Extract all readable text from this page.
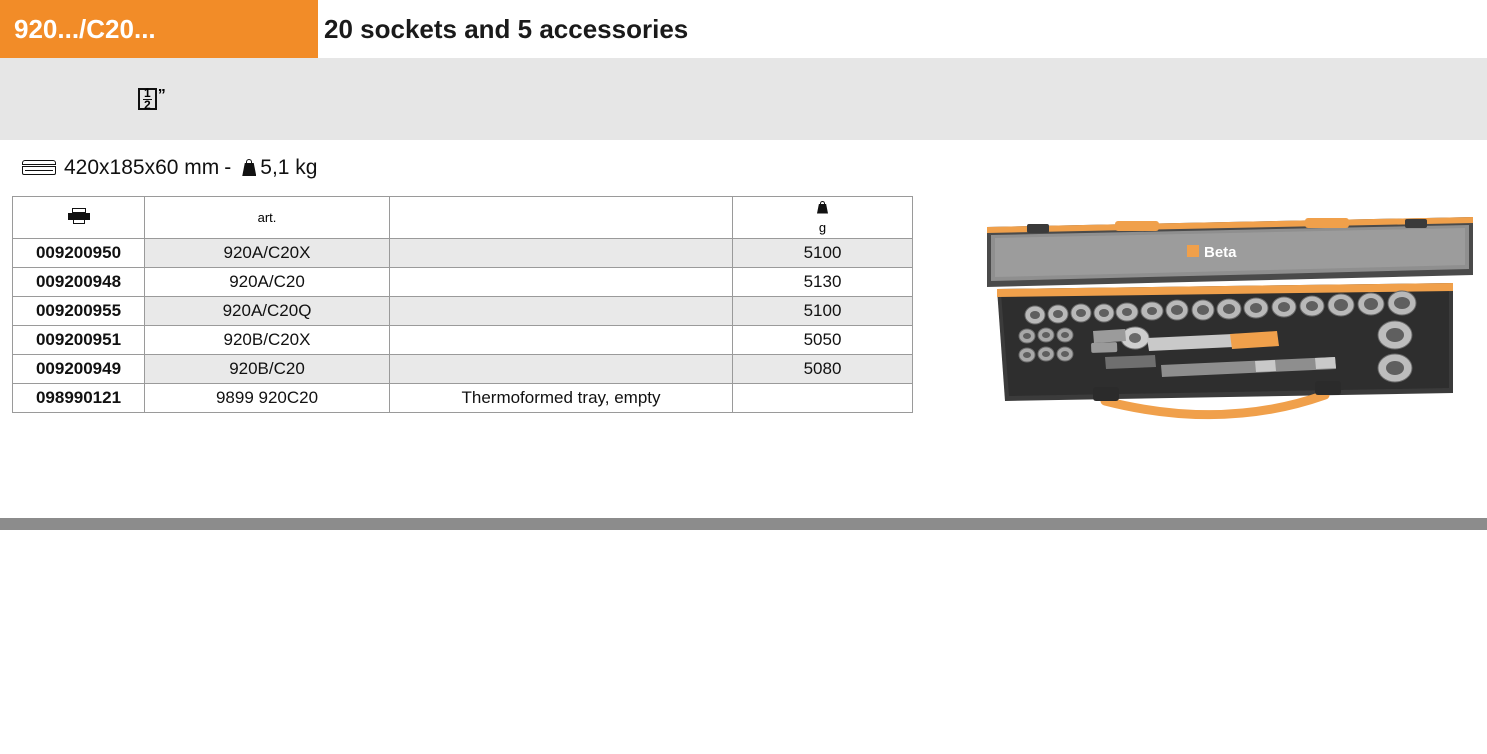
920.../C20...	20 sockets and 5 accessories
$\frac{1}{2}$ ”
420x185x60 mm - 5,1 kg
	art.		g

009200950	920A/C20X		5100
009200948	920A/C20		5130
009200955	920A/C20Q		5100
009200951	920B/C20X		5050
009200949	920B/C20		5080
098990121	9899 920C20	Thermoformed tray, empty	
Beta
